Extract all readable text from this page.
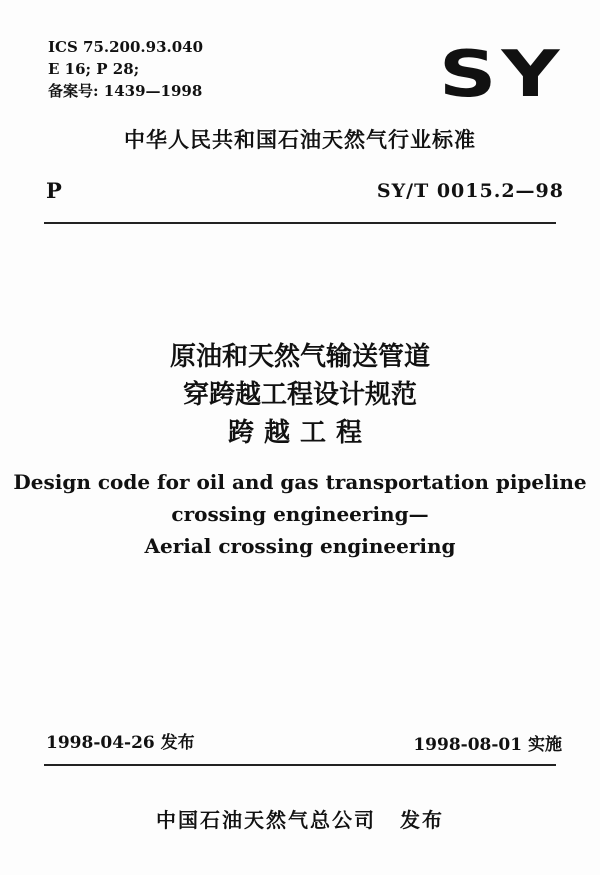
ICS 75.200.93.040
E 16; P 28;
备案号: 1439—1998	SY
中华人民共和国石油天然气行业标准
P	SY/T 0015.2—98
原油和天然气输送管道
穿跨越工程设计规范
跨越工程
Design code for oil and gas transportation pipeline
crossing engineering—
Aerial crossing engineering
1998-04-26 发布	1998-08-01 实施
中国石油天然气总公司 发布
